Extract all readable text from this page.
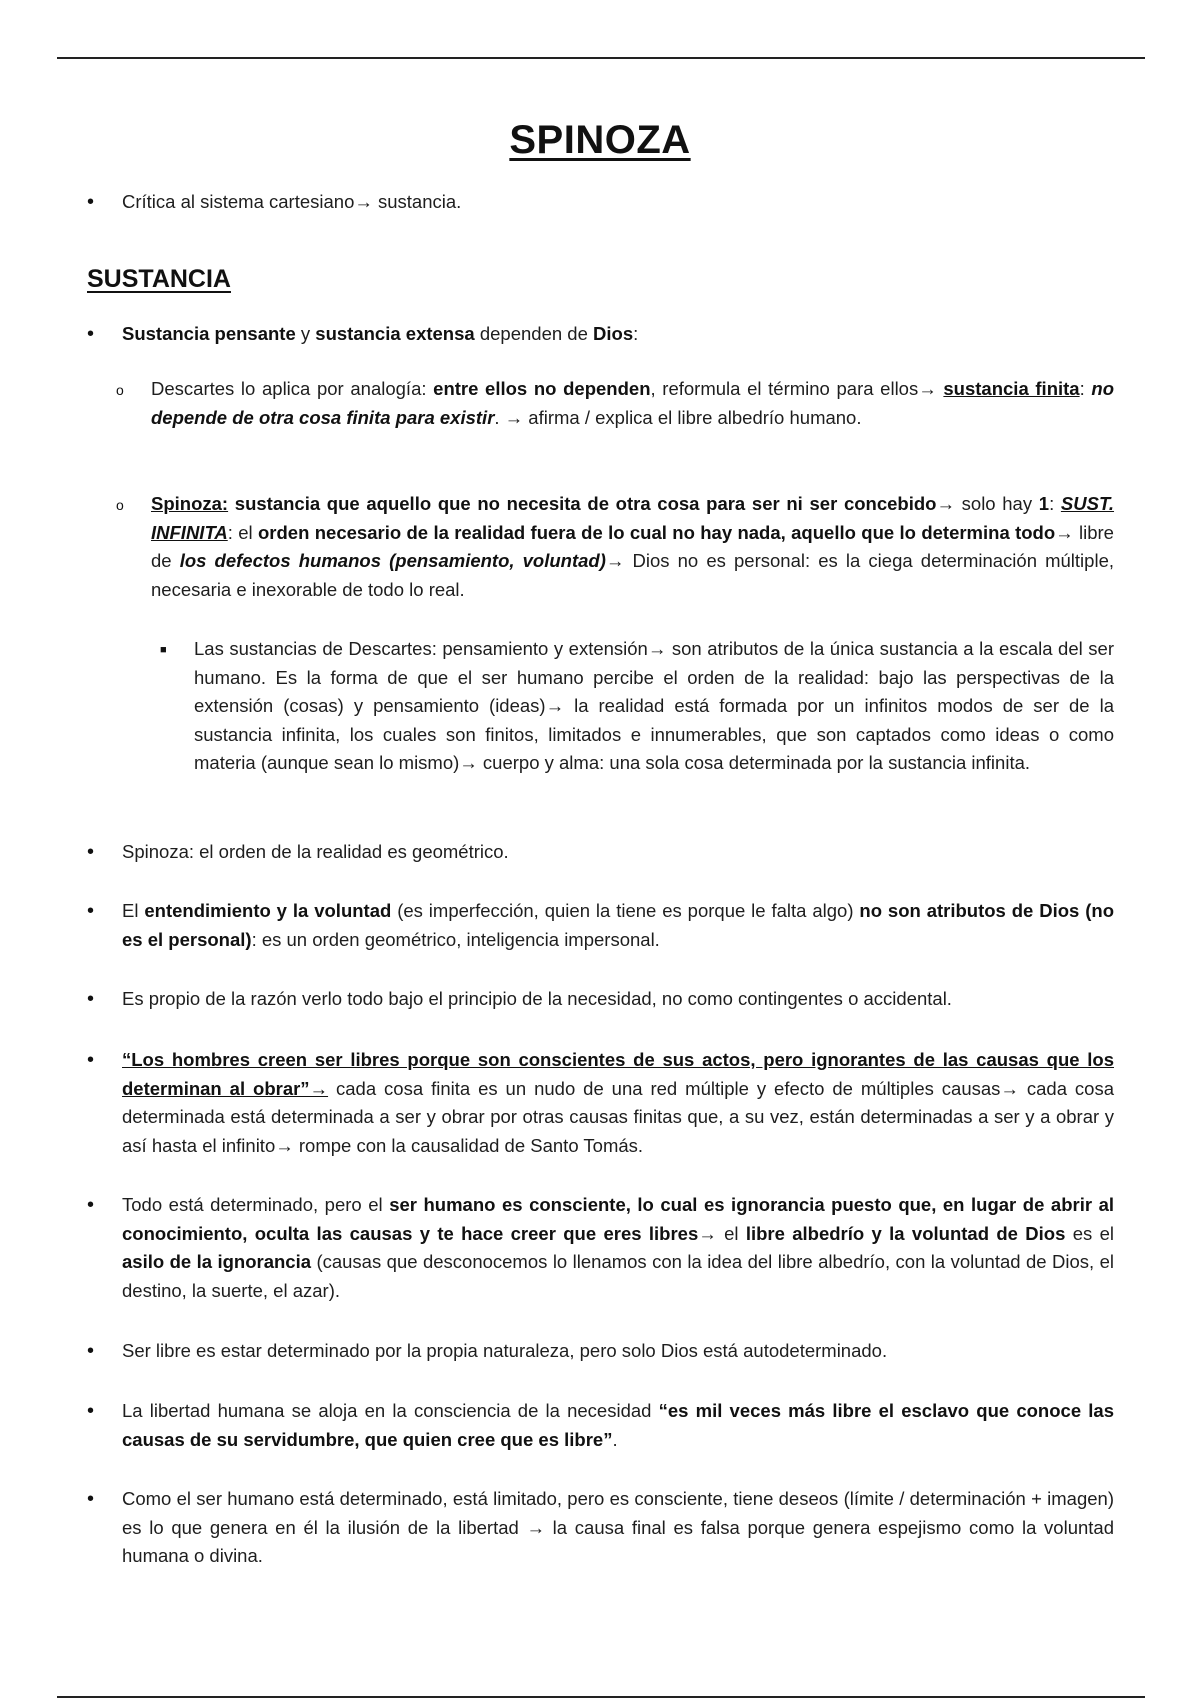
SPINOZA
• Crítica al sistema cartesiano→ sustancia.
SUSTANCIA
• Sustancia pensante y sustancia extensa dependen de Dios:
o Descartes lo aplica por analogía: entre ellos no dependen, reformula el término para ellos→ sustancia finita: no depende de otra cosa finita para existir. → afirma / explica el libre albedrío humano.
o Spinoza: sustancia que aquello que no necesita de otra cosa para ser ni ser concebido→ solo hay 1: SUST. INFINITA: el orden necesario de la realidad fuera de lo cual no hay nada, aquello que lo determina todo→ libre de los defectos humanos (pensamiento, voluntad)→ Dios no es personal: es la ciega determinación múltiple, necesaria e inexorable de todo lo real.
■ Las sustancias de Descartes: pensamiento y extensión→ son atributos de la única sustancia a la escala del ser humano. Es la forma de que el ser humano percibe el orden de la realidad: bajo las perspectivas de la extensión (cosas) y pensamiento (ideas)→ la realidad está formada por un infinitos modos de ser de la sustancia infinita, los cuales son finitos, limitados e innumerables, que son captados como ideas o como materia (aunque sean lo mismo)→ cuerpo y alma: una sola cosa determinada por la sustancia infinita.
• Spinoza: el orden de la realidad es geométrico.
• El entendimiento y la voluntad (es imperfección, quien la tiene es porque le falta algo) no son atributos de Dios (no es el personal): es un orden geométrico, inteligencia impersonal.
• Es propio de la razón verlo todo bajo el principio de la necesidad, no como contingentes o accidental.
• “Los hombres creen ser libres porque son conscientes de sus actos, pero ignorantes de las causas que los determinan al obrar”→ cada cosa finita es un nudo de una red múltiple y efecto de múltiples causas→ cada cosa determinada está determinada a ser y obrar por otras causas finitas que, a su vez, están determinadas a ser y a obrar y así hasta el infinito→ rompe con la causalidad de Santo Tomás.
• Todo está determinado, pero el ser humano es consciente, lo cual es ignorancia puesto que, en lugar de abrir al conocimiento, oculta las causas y te hace creer que eres libres→ el libre albedrío y la voluntad de Dios es el asilo de la ignorancia (causas que desconocemos lo llenamos con la idea del libre albedrío, con la voluntad de Dios, el destino, la suerte, el azar).
• Ser libre es estar determinado por la propia naturaleza, pero solo Dios está autodeterminado.
• La libertad humana se aloja en la consciencia de la necesidad “es mil veces más libre el esclavo que conoce las causas de su servidumbre, que quien cree que es libre”.
• Como el ser humano está determinado, está limitado, pero es consciente, tiene deseos (límite / determinación + imagen) es lo que genera en él la ilusión de la libertad → la causa final es falsa porque genera espejismo como la voluntad humana o divina.
